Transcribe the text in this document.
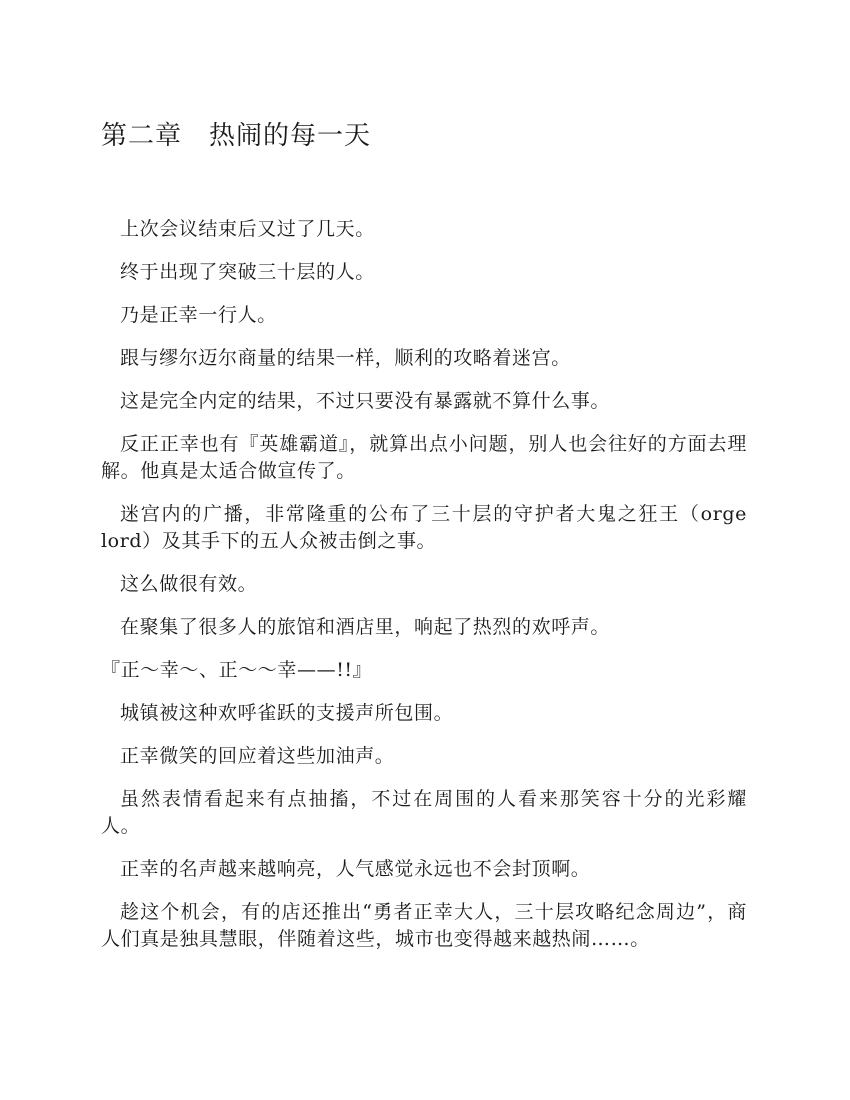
第二章　热闹的每一天

上次会议结束后又过了几天。

终于出现了突破三十层的人。

乃是正幸一行人。

跟与缪尔迈尔商量的结果一样，顺利的攻略着迷宫。

这是完全内定的结果，不过只要没有暴露就不算什么事。

反正正幸也有『英雄霸道』，就算出点小问题，别人也会往好的方面去理解。他真是太适合做宣传了。

迷宫内的广播，非常隆重的公布了三十层的守护者大鬼之狂王（orge lord）及其手下的五人众被击倒之事。

这么做很有效。

在聚集了很多人的旅馆和酒店里，响起了热烈的欢呼声。

『正～幸～、正～～幸——!!』

城镇被这种欢呼雀跃的支援声所包围。

正幸微笑的回应着这些加油声。

虽然表情看起来有点抽搐，不过在周围的人看来那笑容十分的光彩耀人。

正幸的名声越来越响亮，人气感觉永远也不会封顶啊。

趁这个机会，有的店还推出“勇者正幸大人，三十层攻略纪念周边”，商人们真是独具慧眼，伴随着这些，城市也变得越来越热闹……。
